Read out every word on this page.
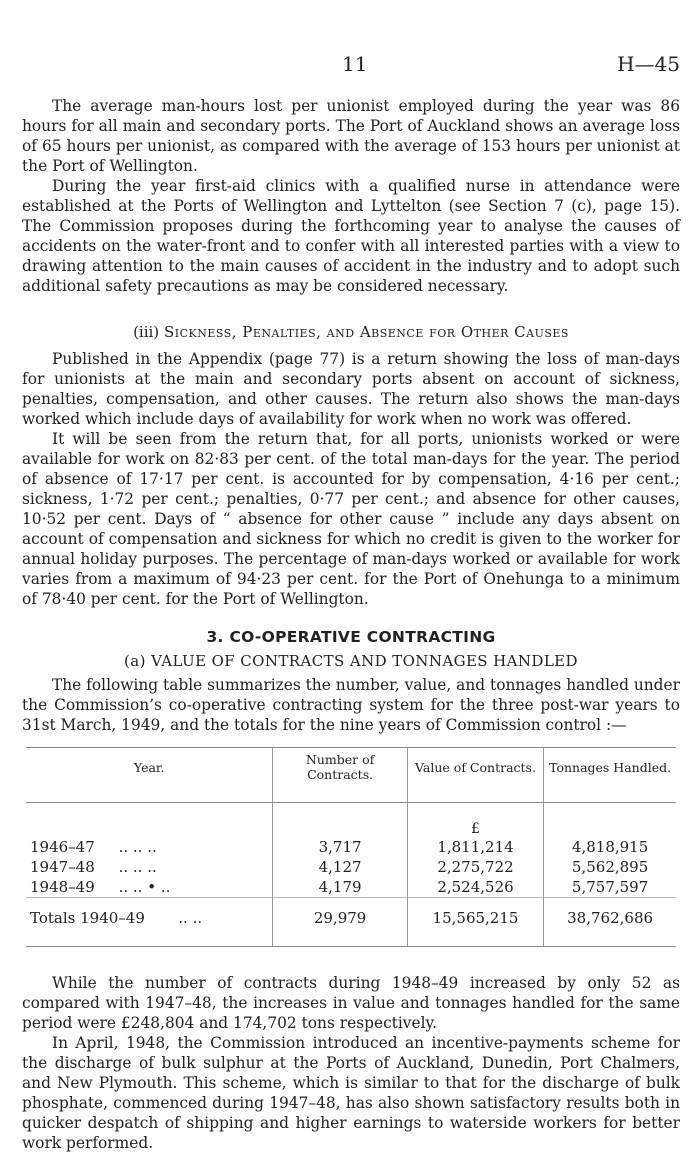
11	H—45

The average man-hours lost per unionist employed during the year was 86 hours for all main and secondary ports. The Port of Auckland shows an average loss of 65 hours per unionist, as compared with the average of 153 hours per unionist at the Port of Wellington.

During the year first-aid clinics with a qualified nurse in attendance were established at the Ports of Wellington and Lyttelton (see Section 7 (c), page 15). The Commission proposes during the forthcoming year to analyse the causes of accidents on the water-front and to confer with all interested parties with a view to drawing attention to the main causes of accident in the industry and to adopt such additional safety precautions as may be considered necessary.

(iii) Sickness, Penalties, and Absence for Other Causes

Published in the Appendix (page 77) is a return showing the loss of man-days for unionists at the main and secondary ports absent on account of sickness, penalties, compensation, and other causes. The return also shows the man-days worked which include days of availability for work when no work was offered.

It will be seen from the return that, for all ports, unionists worked or were available for work on 82·83 per cent. of the total man-days for the year. The period of absence of 17·17 per cent. is accounted for by compensation, 4·16 per cent.; sickness, 1·72 per cent.; penalties, 0·77 per cent.; and absence for other causes, 10·52 per cent. Days of “ absence for other cause ” include any days absent on account of compensation and sickness for which no credit is given to the worker for annual holiday purposes. The percentage of man-days worked or available for work varies from a maximum of 94·23 per cent. for the Port of Onehunga to a minimum of 78·40 per cent. for the Port of Wellington.

3. CO-OPERATIVE CONTRACTING
(a) VALUE OF CONTRACTS AND TONNAGES HANDLED

The following table summarizes the number, value, and tonnages handled under the Commission’s co-operative contracting system for the three post-war years to 31st March, 1949, and the totals for the nine years of Commission control :—

Year.	Number of Contracts.	Value of Contracts.	Tonnages Handled.
		£	
1946–47 .. .. ..	3,717	1,811,214	4,818,915
1947–48 .. .. ..	4,127	2,275,722	5,562,895
1948–49 .. .. • ..	4,179	2,524,526	5,757,597
Totals 1940–49 .. ..	29,979	15,565,215	38,762,686

While the number of contracts during 1948–49 increased by only 52 as compared with 1947–48, the increases in value and tonnages handled for the same period were £248,804 and 174,702 tons respectively.

In April, 1948, the Commission introduced an incentive-payments scheme for the discharge of bulk sulphur at the Ports of Auckland, Dunedin, Port Chalmers, and New Plymouth. This scheme, which is similar to that for the discharge of bulk phosphate, commenced during 1947–48, has also shown satisfactory results both in quicker despatch of shipping and higher earnings to waterside workers for better work performed.
